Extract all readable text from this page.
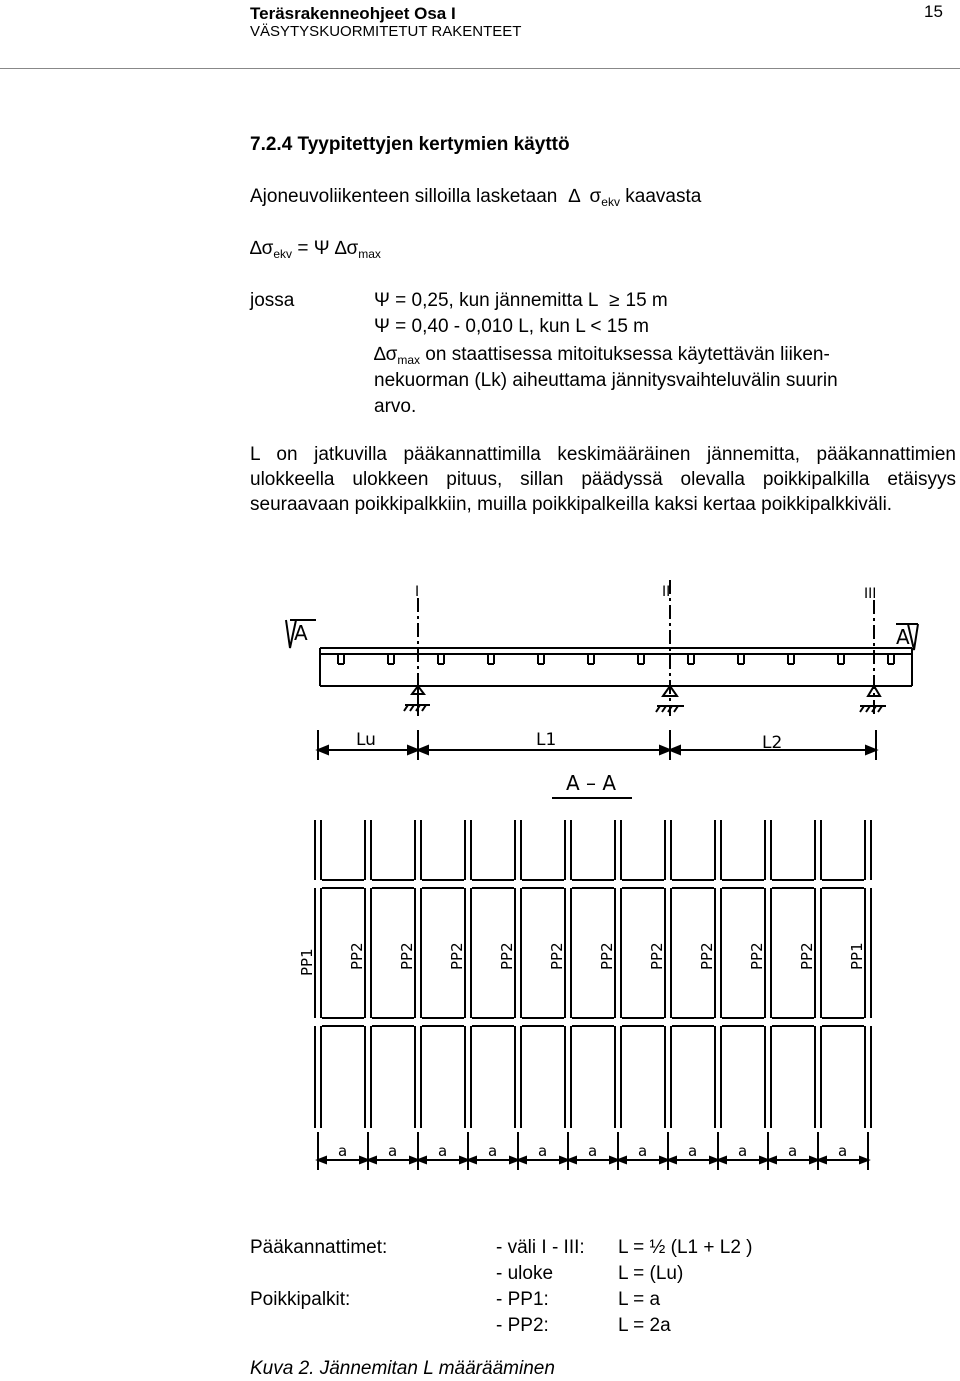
Teräsrakenneohjeet Osa I
VÄSYTYSKUORMITETUT RAKENTEET
15
7.2.4 Tyypitettyjen kertymien käyttö
Ajoneuvoliikenteen silloilla lasketaan ∆ $\sigma_{ekv}$ kaavasta
$\Delta\sigma_{ekv} = \Psi$ $\Delta\sigma_{max}$
jossa	Ψ = 0,25, kun jännemitta L ≥ 15 m
Ψ = 0,40 - 0,010 L, kun L < 15 m
$\Delta\sigma_{max}$ on staattisessa mitoituksessa käytettävän liiken-
nekuorman (Lk) aiheuttama jännitysvaihteluvälin suurin
arvo.
L on jatkuvilla pääkannattimilla keskimääräinen jännemitta, pääkannattimien ulokkeella ulokkeen pituus, sillan päädyssä olevalla poikkipalkilla etäisyys seuraavaan poikkipalkkiin, muilla poikkipalkeilla kaksi kertaa poikkipalkkiväli.
I	II	III
A	A
Lu	L1	L2
A – A
PP1 PP2 PP2 PP2 PP2 PP2 PP2 PP2 PP2 PP2 PP2 PP1
a	a	a	a	a	a	a	a	a	a	a
Pääkannattimet:	- väli I - III:	L = ½ (L1 + L2 )
	- uloke	L = (Lu)
Poikkipalkit:	- PP1:	L = a
	- PP2:	L = 2a
Kuva 2. Jännemitan L määrääminen
